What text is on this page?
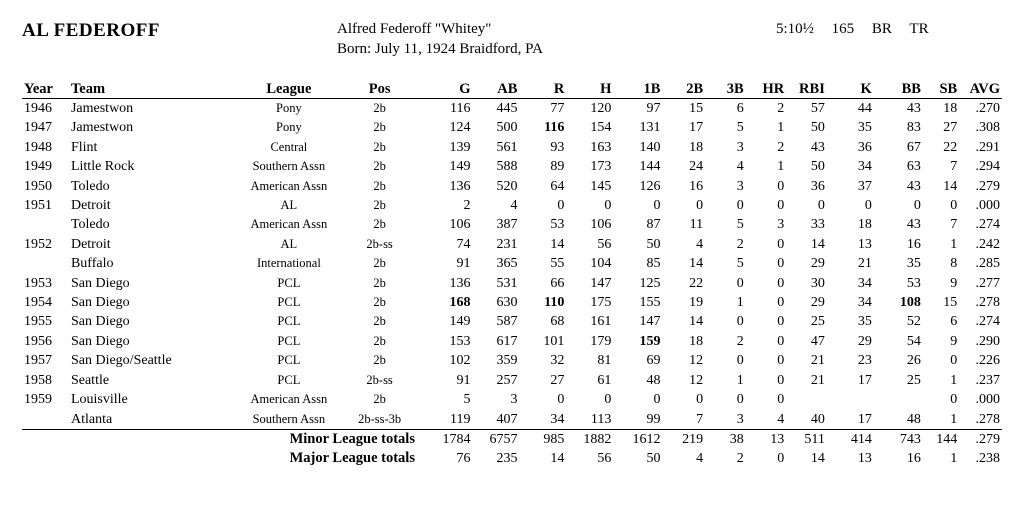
AL FEDEROFF	Alfred Federoff "Whitey"
Born: July 11, 1924 Braidford, PA
5:10½ 165 BR TR
Year	Team	League	Pos	G	AB	R	H	1B	2B	3B	HR	RBI	K	BB	SB	AVG
1946	Jamestwon	Pony	2b	116	445	77	120	97	15	6	2	57	44	43	18	.270
1947	Jamestwon	Pony	2b	124	500	116	154	131	17	5	1	50	35	83	27	.308
1948	Flint	Central	2b	139	561	93	163	140	18	3	2	43	36	67	22	.291
1949	Little Rock	Southern Assn	2b	149	588	89	173	144	24	4	1	50	34	63	7	.294
1950	Toledo	American Assn	2b	136	520	64	145	126	16	3	0	36	37	43	14	.279
1951	Detroit	AL	2b	2	4	0	0	0	0	0	0	0	0	0	0	.000
	Toledo	American Assn	2b	106	387	53	106	87	11	5	3	33	18	43	7	.274
1952	Detroit	AL	2b-ss	74	231	14	56	50	4	2	0	14	13	16	1	.242
	Buffalo	International	2b	91	365	55	104	85	14	5	0	29	21	35	8	.285
1953	San Diego	PCL	2b	136	531	66	147	125	22	0	0	30	34	53	9	.277
1954	San Diego	PCL	2b	168	630	110	175	155	19	1	0	29	34	108	15	.278
1955	San Diego	PCL	2b	149	587	68	161	147	14	0	0	25	35	52	6	.274
1956	San Diego	PCL	2b	153	617	101	179	159	18	2	0	47	29	54	9	.290
1957	San Diego/Seattle	PCL	2b	102	359	32	81	69	12	0	0	21	23	26	0	.226
1958	Seattle	PCL	2b-ss	91	257	27	61	48	12	1	0	21	17	25	1	.237
1959	Louisville	American Assn	2b	5	3	0	0	0	0	0	0				0	.000
	Atlanta	Southern Assn	2b-ss-3b	119	407	34	113	99	7	3	4	40	17	48	1	.278
Minor League totals				1784	6757	985	1882	1612	219	38	13	511	414	743	144	.279
Major League totals				76	235	14	56	50	4	2	0	14	13	16	1	.238
